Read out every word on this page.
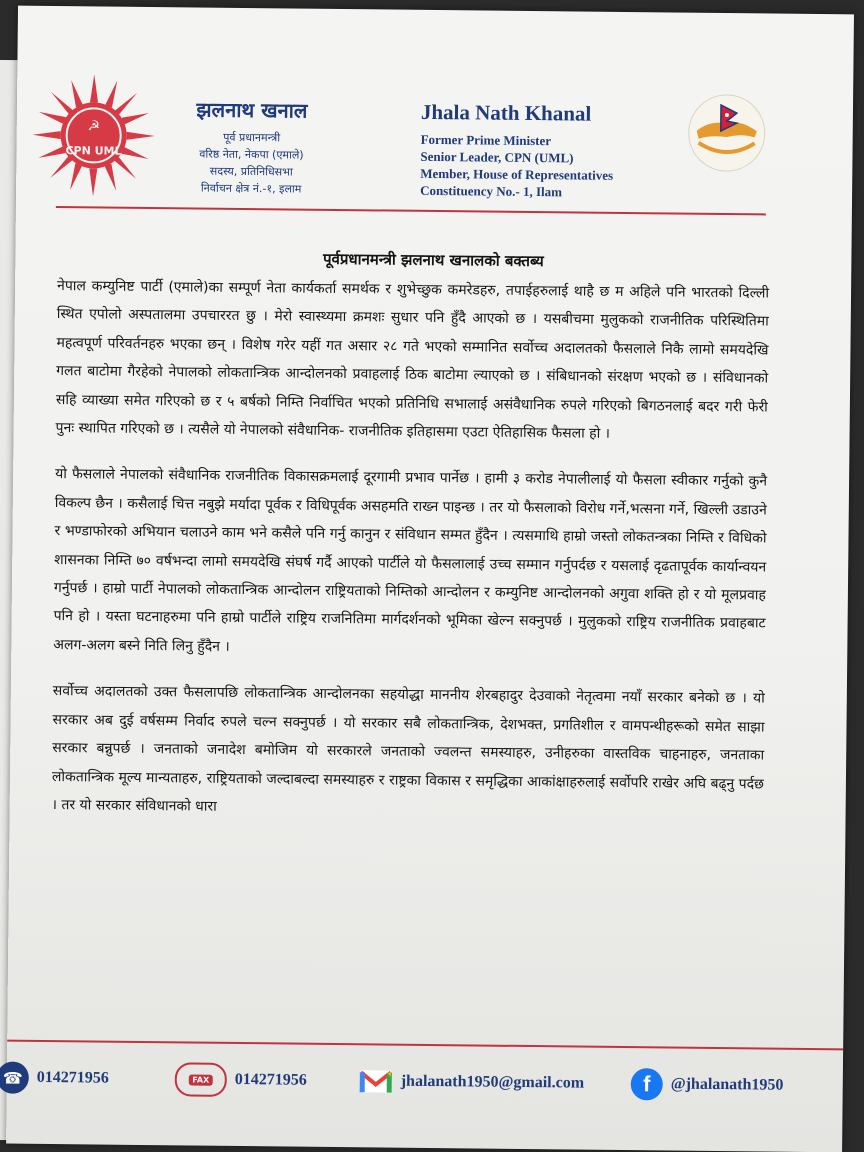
☭
CPN UML
झलनाथ खनाल
पूर्व प्रधानमन्त्री
वरिष्ठ नेता, नेकपा (एमाले)
सदस्य, प्रतिनिधिसभा
निर्वाचन क्षेत्र नं.-१, इलाम
Jhala Nath Khanal
Former Prime Minister
Senior Leader, CPN (UML)
Member, House of Representatives
Constituency No.- 1, Ilam
पूर्वप्रधानमन्त्री झलनाथ खनालको बक्तब्य

नेपाल कम्युनिष्ट पार्टी (एमाले)का सम्पूर्ण नेता कार्यकर्ता समर्थक र शुभेच्छुक कमरेडहरु, तपाईहरुलाई थाहै छ म अहिले पनि भारतको दिल्ली स्थित एपोलो अस्पतालमा उपचाररत छु । मेरो स्वास्थ्यमा क्रमशः सुधार पनि हुँदै आएको छ । यसबीचमा मुलुकको राजनीतिक परिस्थितिमा महत्वपूर्ण परिवर्तनहरु भएका छन् । विशेष गरेर यहीं गत असार २८ गते भएको सम्मानित सर्वोच्च अदालतको फैसलाले निकै लामो समयदेखि गलत बाटोमा गैरहेको नेपालको लोकतान्त्रिक आन्दोलनको प्रवाहलाई ठिक बाटोमा ल्याएको छ । संबिधानको संरक्षण भएको छ । संविधानको सहि व्याख्या समेत गरिएको छ र ५ बर्षको निम्ति निर्वाचित भएको प्रतिनिधि सभालाई असंवैधानिक रुपले गरिएको बिगठनलाई बदर गरी फेरी पुनः स्थापित गरिएको छ । त्यसैले यो नेपालको संवैधानिक- राजनीतिक इतिहासमा एउटा ऐतिहासिक फैसला हो ।

यो फैसलाले नेपालको संवैधानिक राजनीतिक विकासक्रमलाई दूरगामी प्रभाव पार्नेछ । हामी ३ करोड नेपालीलाई यो फैसला स्वीकार गर्नुको कुनै विकल्प छैन । कसैलाई चित्त नबुझे मर्यादा पूर्वक र विधिपूर्वक असहमति राख्न पाइन्छ । तर यो फैसलाको विरोध गर्ने,भत्सना गर्ने, खिल्ली उडाउने र भण्डाफोरको अभियान चलाउने काम भने कसैले पनि गर्नु कानुन र संविधान सम्मत हुँदैन । त्यसमाथि हाम्रो जस्तो लोकतन्त्रका निम्ति र विधिको शासनका निम्ति ७० वर्षभन्दा लामो समयदेखि संघर्ष गर्दै आएको पार्टीले यो फैसलालाई उच्च सम्मान गर्नुपर्दछ र यसलाई दृढतापूर्वक कार्यान्वयन गर्नुपर्छ । हाम्रो पार्टी नेपालको लोकतान्त्रिक आन्दोलन राष्ट्रियताको निम्तिको आन्दोलन र कम्युनिष्ट आन्दोलनको अगुवा शक्ति हो र यो मूलप्रवाह पनि हो । यस्ता घटनाहरुमा पनि हाम्रो पार्टीले राष्ट्रिय राजनितिमा मार्गदर्शनको भूमिका खेल्न सक्नुपर्छ । मुलुकको राष्ट्रिय राजनीतिक प्रवाहबाट अलग-अलग बस्ने निति लिनु हुँदैन ।

सर्वोच्च अदालतको उक्त फैसलापछि लोकतान्त्रिक आन्दोलनका सहयोद्धा माननीय शेरबहादुर देउवाको नेतृत्वमा नयाँ सरकार बनेको छ । यो सरकार अब दुई वर्षसम्म निर्वाद रुपले चल्न सक्नुपर्छ । यो सरकार सबै लोकतान्त्रिक, देशभक्त, प्रगतिशील र वामपन्थीहरूको समेत साझा सरकार बन्नुपर्छ । जनताको जनादेश बमोजिम यो सरकारले जनताको ज्वलन्त समस्याहरु, उनीहरुका वास्तविक चाहनाहरु, जनताका लोकतान्त्रिक मूल्य मान्यताहरु, राष्ट्रियताको जल्दाबल्दा समस्याहरु र राष्ट्रका विकास र समृद्धिका आकांक्षाहरुलाई सर्वोपरि राखेर अघि बढ्नु पर्दछ । तर यो सरकार संविधानको धारा

☎ 014271956	FAX 014271956	jhalanath1950@gmail.com	f	@jhalanath1950
